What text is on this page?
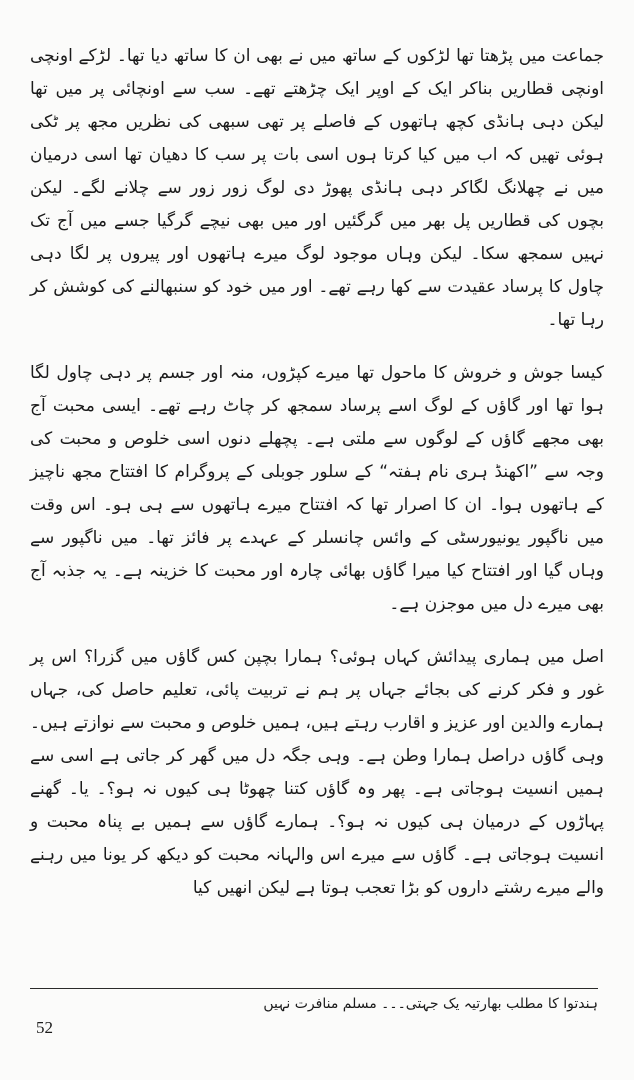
جماعت میں پڑھتا تھا لڑکوں کے ساتھ میں نے بھی ان کا ساتھ دیا تھا۔ لڑکے اونچی اونچی قطاریں بناکر ایک کے اوپر ایک چڑھتے تھے۔ سب سے اونچائی پر میں تھا لیکن دہی ہانڈی کچھ ہاتھوں کے فاصلے پر تھی سبھی کی نظریں مجھ پر ٹکی ہوئی تھیں کہ اب میں کیا کرتا ہوں اسی بات پر سب کا دھیان تھا اسی درمیان میں نے چھلانگ لگاکر دہی ہانڈی پھوڑ دی لوگ زور زور سے چلانے لگے۔ لیکن بچوں کی قطاریں پل بھر میں گرگئیں اور میں بھی نیچے گرگیا جسے میں آج تک نہیں سمجھ سکا۔ لیکن وہاں موجود لوگ میرے ہاتھوں اور پیروں پر لگا دہی چاول کا پرساد عقیدت سے کھا رہے تھے۔ اور میں خود کو سنبھالنے کی کوشش کر رہا تھا۔

کیسا جوش و خروش کا ماحول تھا میرے کپڑوں، منہ اور جسم پر دہی چاول لگا ہوا تھا اور گاؤں کے لوگ اسے پرساد سمجھ کر چاٹ رہے تھے۔ ایسی محبت آج بھی مجھے گاؤں کے لوگوں سے ملتی ہے۔ پچھلے دنوں اسی خلوص و محبت کی وجہ سے ”اکھنڈ ہری نام ہفتہ“ کے سلور جوبلی کے پروگرام کا افتتاح مجھ ناچیز کے ہاتھوں ہوا۔ ان کا اصرار تھا کہ افتتاح میرے ہاتھوں سے ہی ہو۔ اس وقت میں ناگپور یونیورسٹی کے وائس چانسلر کے عہدے پر فائز تھا۔ میں ناگپور سے وہاں گیا اور افتتاح کیا میرا گاؤں بھائی چارہ اور محبت کا خزینہ ہے۔ یہ جذبہ آج بھی میرے دل میں موجزن ہے۔

اصل میں ہماری پیدائش کہاں ہوئی؟ ہمارا بچپن کس گاؤں میں گزرا؟ اس پر غور و فکر کرنے کی بجائے جہاں پر ہم نے تربیت پائی، تعلیم حاصل کی، جہاں ہمارے والدین اور عزیز و اقارب رہتے ہیں، ہمیں خلوص و محبت سے نوازتے ہیں۔ وہی گاؤں دراصل ہمارا وطن ہے۔ وہی جگہ دل میں گھر کر جاتی ہے اسی سے ہمیں انسیت ہوجاتی ہے۔ پھر وہ گاؤں کتنا چھوٹا ہی کیوں نہ ہو؟۔ یا۔ گھنے پہاڑوں کے درمیان ہی کیوں نہ ہو؟۔ ہمارے گاؤں سے ہمیں بے پناہ محبت و انسیت ہوجاتی ہے۔ گاؤں سے میرے اس والہانہ محبت کو دیکھ کر یونا میں رہنے والے میرے رشتے داروں کو بڑا تعجب ہوتا ہے لیکن انھیں کیا

ہندتوا کا مطلب بھارتیہ یک جہتی۔۔۔ مسلم منافرت نہیں
52
